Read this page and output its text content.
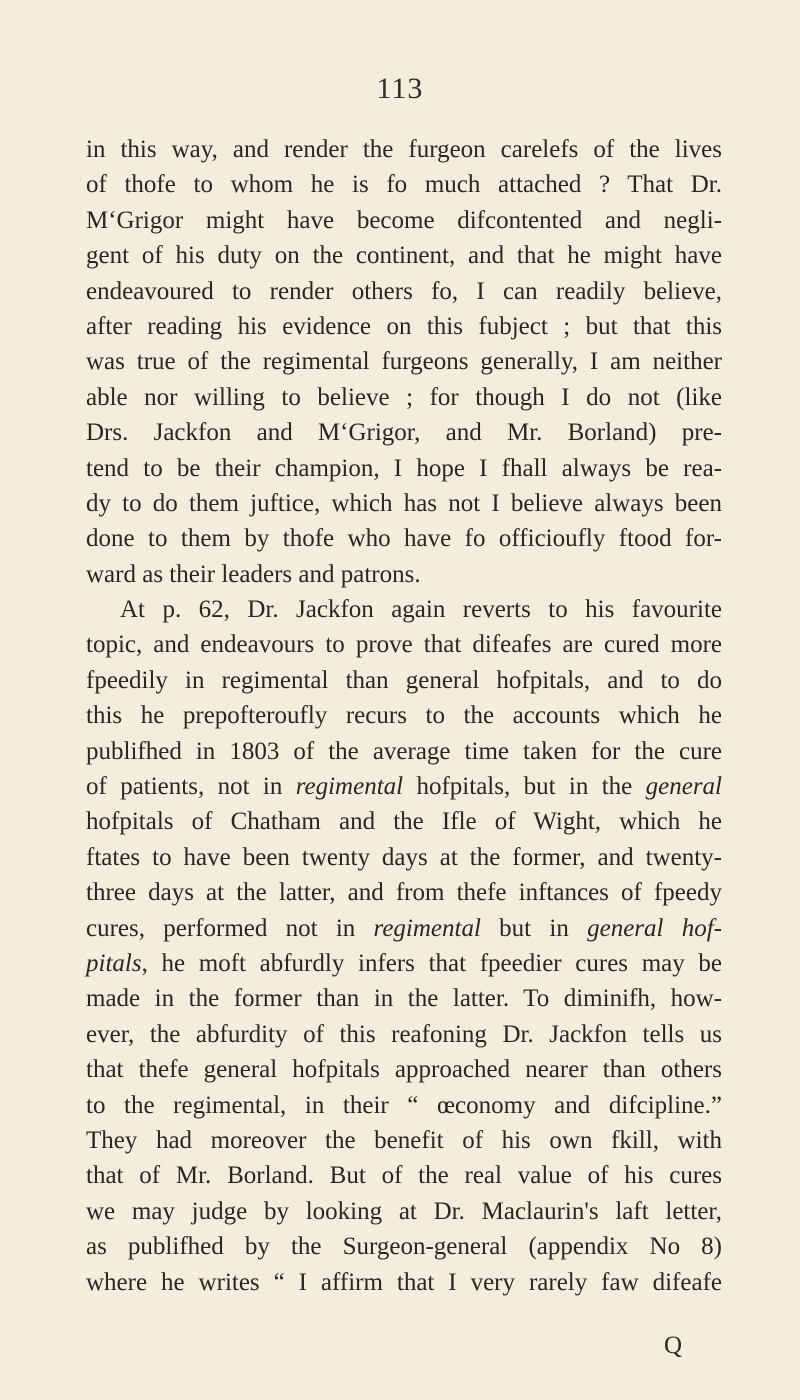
113
in this way, and render the furgeon carelefs of the lives
of thofe to whom he is fo much attached ? That Dr.
M‘Grigor might have become difcontented and negli-
gent of his duty on the continent, and that he might have
endeavoured to render others fo, I can readily believe,
after reading his evidence on this fubject ; but that this
was true of the regimental furgeons generally, I am neither
able nor willing to believe ; for though I do not (like
Drs. Jackfon and M‘Grigor, and Mr. Borland) pre-
tend to be their champion, I hope I fhall always be rea-
dy to do them juftice, which has not I believe always been
done to them by thofe who have fo officioufly ftood for-
ward as their leaders and patrons.
At p. 62, Dr. Jackfon again reverts to his favourite
topic, and endeavours to prove that difeafes are cured more
fpeedily in regimental than general hofpitals, and to do
this he prepofteroufly recurs to the accounts which he
publifhed in 1803 of the average time taken for the cure
of patients, not in regimental hofpitals, but in the general
hofpitals of Chatham and the Ifle of Wight, which he
ftates to have been twenty days at the former, and twenty-
three days at the latter, and from thefe inftances of fpeedy
cures, performed not in regimental but in general hof-
pitals, he moft abfurdly infers that fpeedier cures may be
made in the former than in the latter. To diminifh, how-
ever, the abfurdity of this reafoning Dr. Jackfon tells us
that thefe general hofpitals approached nearer than others
to the regimental, in their “ œconomy and difcipline.”
They had moreover the benefit of his own fkill, with
that of Mr. Borland. But of the real value of his cures
we may judge by looking at Dr. Maclaurin's laft letter,
as publifhed by the Surgeon-general (appendix No 8)
where he writes “ I affirm that I very rarely faw difeafe
Q
